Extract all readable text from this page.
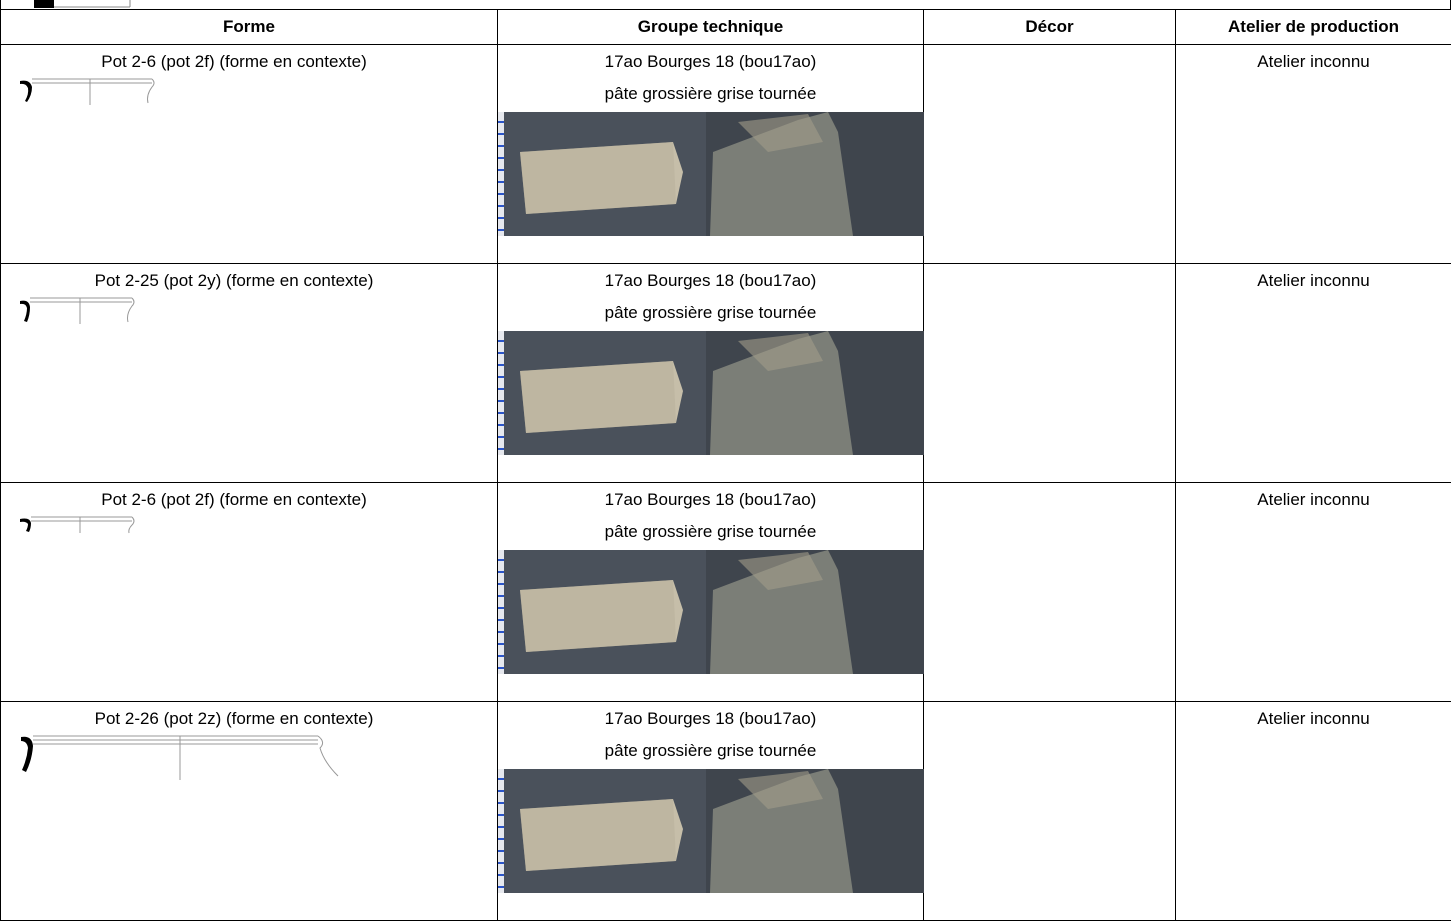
Forme	Groupe technique	Décor	Atelier de production

Pot 2-6 (pot 2f) (forme en contexte)	17ao Bourges 18 (bou17ao)
pâte grossière grise tournée		Atelier inconnu

Pot 2-25 (pot 2y) (forme en contexte)	17ao Bourges 18 (bou17ao)
pâte grossière grise tournée		Atelier inconnu

Pot 2-6 (pot 2f) (forme en contexte)	17ao Bourges 18 (bou17ao)
pâte grossière grise tournée		Atelier inconnu

Pot 2-26 (pot 2z) (forme en contexte)	17ao Bourges 18 (bou17ao)
pâte grossière grise tournée		Atelier inconnu
